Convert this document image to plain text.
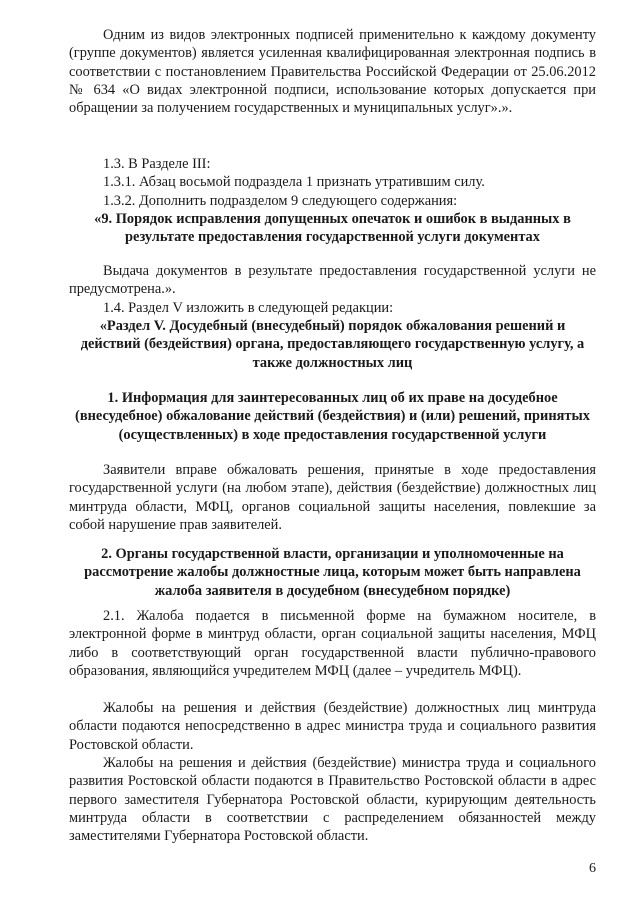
Одним из видов электронных подписей применительно к каждому документу (группе документов) является усиленная квалифицированная электронная подпись в соответствии с постановлением Правительства Российской Федерации от 25.06.2012 № 634 «О видах электронной подписи, использование которых допускается при обращении за получением государственных и муниципальных услуг».».
1.3. В Разделе III:
1.3.1. Абзац восьмой подраздела 1 признать утратившим силу.
1.3.2. Дополнить подразделом 9 следующего содержания:
«9. Порядок исправления допущенных опечаток и ошибок в выданных в результате предоставления государственной услуги документах
Выдача документов в результате предоставления государственной услуги не предусмотрена.».
1.4. Раздел V изложить в следующей редакции:
«Раздел V. Досудебный (внесудебный) порядок обжалования решений и действий (бездействия) органа, предоставляющего государственную услугу, а также должностных лиц
1. Информация для заинтересованных лиц об их праве на досудебное (внесудебное) обжалование действий (бездействия) и (или) решений, принятых (осуществленных) в ходе предоставления государственной услуги
Заявители вправе обжаловать решения, принятые в ходе предоставления государственной услуги (на любом этапе), действия (бездействие) должностных лиц минтруда области, МФЦ, органов социальной защиты населения, повлекшие за собой нарушение прав заявителей.
2. Органы государственной власти, организации и уполномоченные на рассмотрение жалобы должностные лица, которым может быть направлена жалоба заявителя в досудебном (внесудебном порядке)
2.1. Жалоба подается в письменной форме на бумажном носителе, в электронной форме в минтруд области, орган социальной защиты населения, МФЦ либо в соответствующий орган государственной власти публично-правового образования, являющийся учредителем МФЦ (далее – учредитель МФЦ).
Жалобы на решения и действия (бездействие) должностных лиц минтруда области подаются непосредственно в адрес министра труда и социального развития Ростовской области.
Жалобы на решения и действия (бездействие) министра труда и социального развития Ростовской области подаются в Правительство Ростовской области в адрес первого заместителя Губернатора Ростовской области, курирующим деятельность минтруда области в соответствии с распределением обязанностей между заместителями Губернатора Ростовской области.
6
